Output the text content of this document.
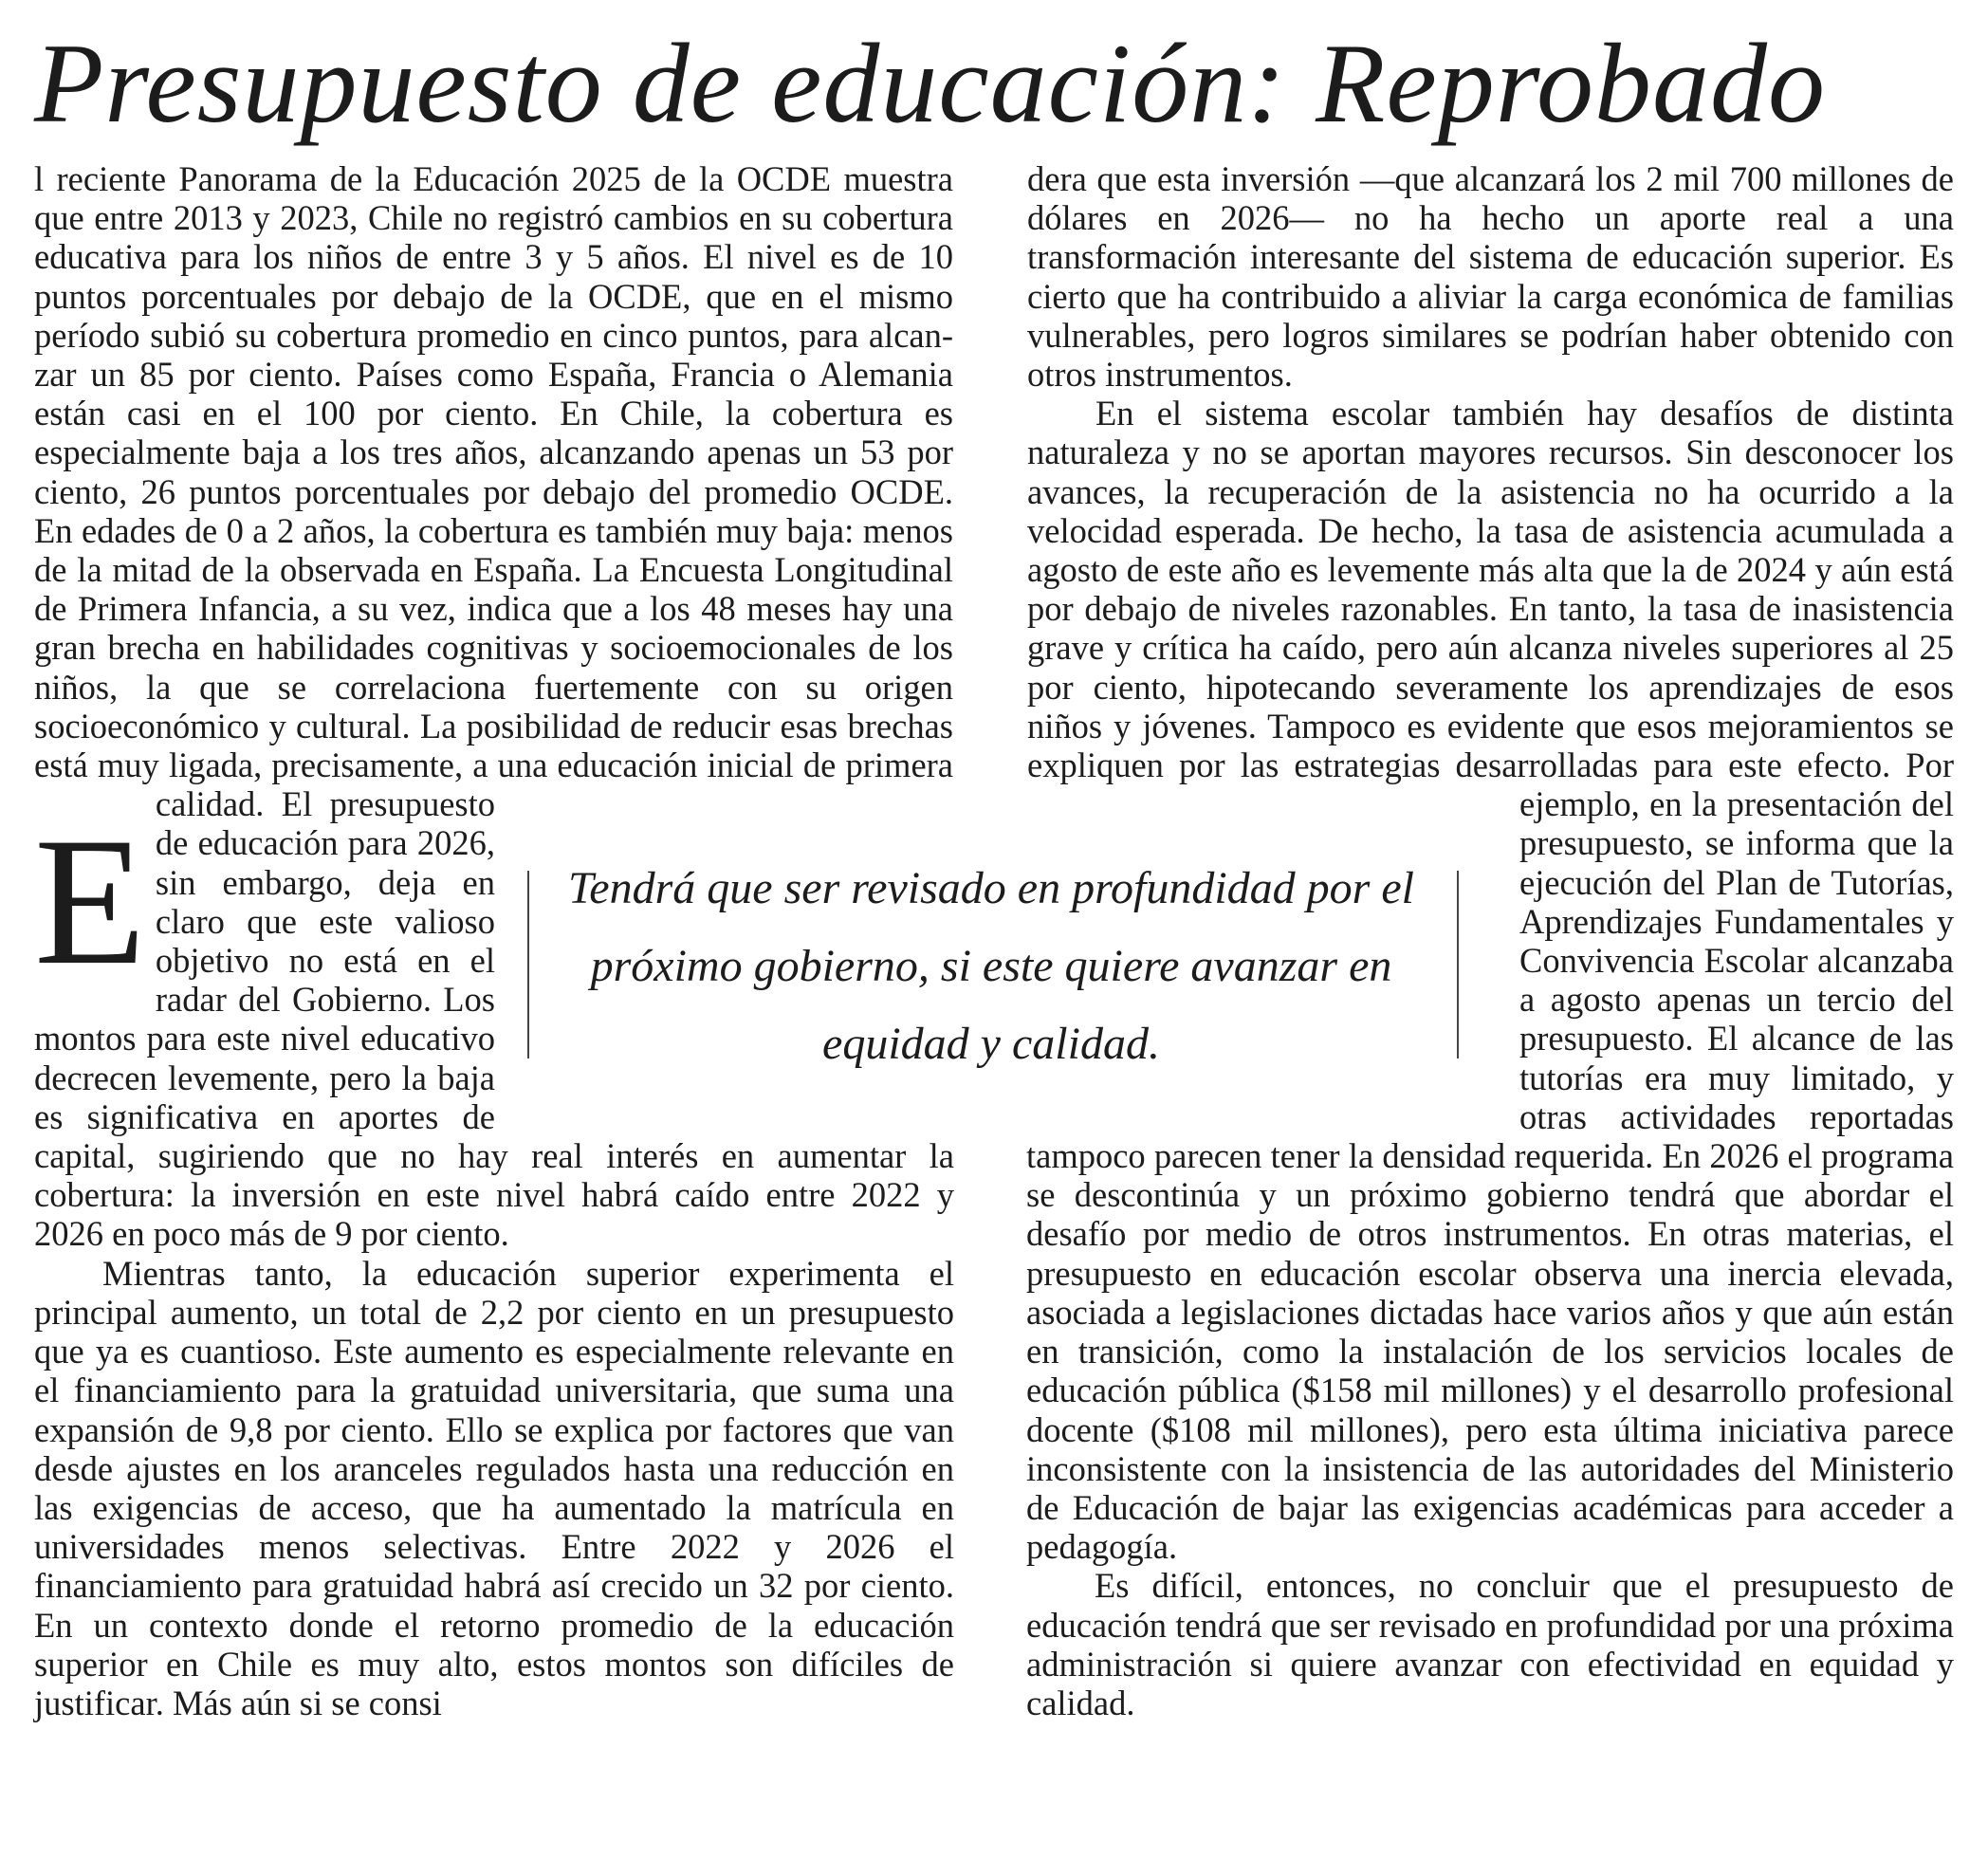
Presupuesto de educación: Reprobado
E

l reciente Panorama de la Educación 2025 de la OCDE muestra que entre 2013 y 2023, Chile no registró cambios en su cobertura educativa para los niños de entre 3 y 5 años. El nivel es de 10 puntos porcentuales por debajo de la OCDE, que en el mismo período subió su cobertura promedio en cinco puntos, para alcanzar un 85 por ciento. Países como España, Francia o Alemania están casi en el 100 por ciento. En Chile, la cobertura es especialmente baja a los tres años, alcanzando apenas un 53 por ciento, 26 puntos porcentuales por debajo del promedio OCDE. En edades de 0 a 2 años, la cobertura es también muy baja: menos de la mitad de la observada en España. La Encuesta Longitudinal de Primera Infancia, a su vez, indica que a los 48 meses hay una gran brecha en habilidades cognitivas y socioemocionales de los niños, la que se correlaciona fuertemente con su origen socioeconómico y cultural. La posibilidad de reducir esas brechas está muy ligada, precisamente, a una educación inicial de primera calidad. El presupuesto de educación para 2026, sin embargo, deja en claro que este valioso objetivo no está en el radar del Gobierno. Los montos para este nivel educativo decrecen levemente, pero la baja es significativa en aportes de capital, sugiriendo que no hay real interés en aumentar la cobertura: la inversión en este nivel habrá caído entre 2022 y 2026 en poco más de 9 por ciento.

Mientras tanto, la educación superior experimenta el principal aumento, un total de 2,2 por ciento en un presupuesto que ya es cuantioso. Este aumento es especialmente relevante en el financiamiento para la gratuidad universitaria, que suma una expansión de 9,8 por ciento. Ello se explica por factores que van desde ajustes en los aranceles regulados hasta una reducción en las exigencias de acceso, que ha aumentado la matrícula en universidades menos selectivas. Entre 2022 y 2026 el financiamiento para gratuidad habrá así crecido un 32 por ciento. En un contexto donde el retorno promedio de la educación superior en Chile es muy alto, estos montos son difíciles de justificar. Más aún si se consi

dera que esta inversión —que alcanzará los 2 mil 700 millones de dólares en 2026— no ha hecho un aporte real a una transformación interesante del sistema de educación superior. Es cierto que ha contribuido a aliviar la carga económica de familias vulnerables, pero logros similares se podrían haber obtenido con otros instrumentos.

En el sistema escolar también hay desafíos de distinta naturaleza y no se aportan mayores recursos. Sin desconocer los avances, la recuperación de la asistencia no ha ocurrido a la velocidad esperada. De hecho, la tasa de asistencia acumulada a agosto de este año es levemente más alta que la de 2024 y aún está por debajo de niveles razonables. En tanto, la tasa de inasistencia grave y crítica ha caído, pero aún alcanza niveles superiores al 25 por ciento, hipotecando severamente los aprendizajes de esos niños y jóvenes. Tampoco es evidente que esos mejoramientos se expliquen por las estrategias desarrolladas para este efecto. Por ejemplo, en la presentación del presupuesto, se informa que la ejecución del Plan de Tutorías, Aprendizajes Fundamentales y Convivencia Escolar alcanzaba a agosto apenas un tercio del presupuesto. El alcance de las tutorías era muy limitado, y otras actividades reportadas tampoco parecen tener la densidad requerida. En 2026 el programa se descontinúa y un próximo gobierno tendrá que abordar el desafío por medio de otros instrumentos. En otras materias, el presupuesto en educación escolar observa una inercia elevada, asociada a legislaciones dictadas hace varios años y que aún están en transición, como la instalación de los servicios locales de educación pública ($158 mil millones) y el desarrollo profesional docente ($108 mil millones), pero esta última iniciativa parece inconsistente con la insistencia de las autoridades del Ministerio de Educación de bajar las exigencias académicas para acceder a pedagogía.

Es difícil, entonces, no concluir que el presupuesto de educación tendrá que ser revisado en profundidad por una próxima administración si quiere avanzar con efectividad en equidad y calidad.

Tendrá que ser revisado en profundidad por el próximo gobierno, si este quiere avanzar en equidad y calidad.
